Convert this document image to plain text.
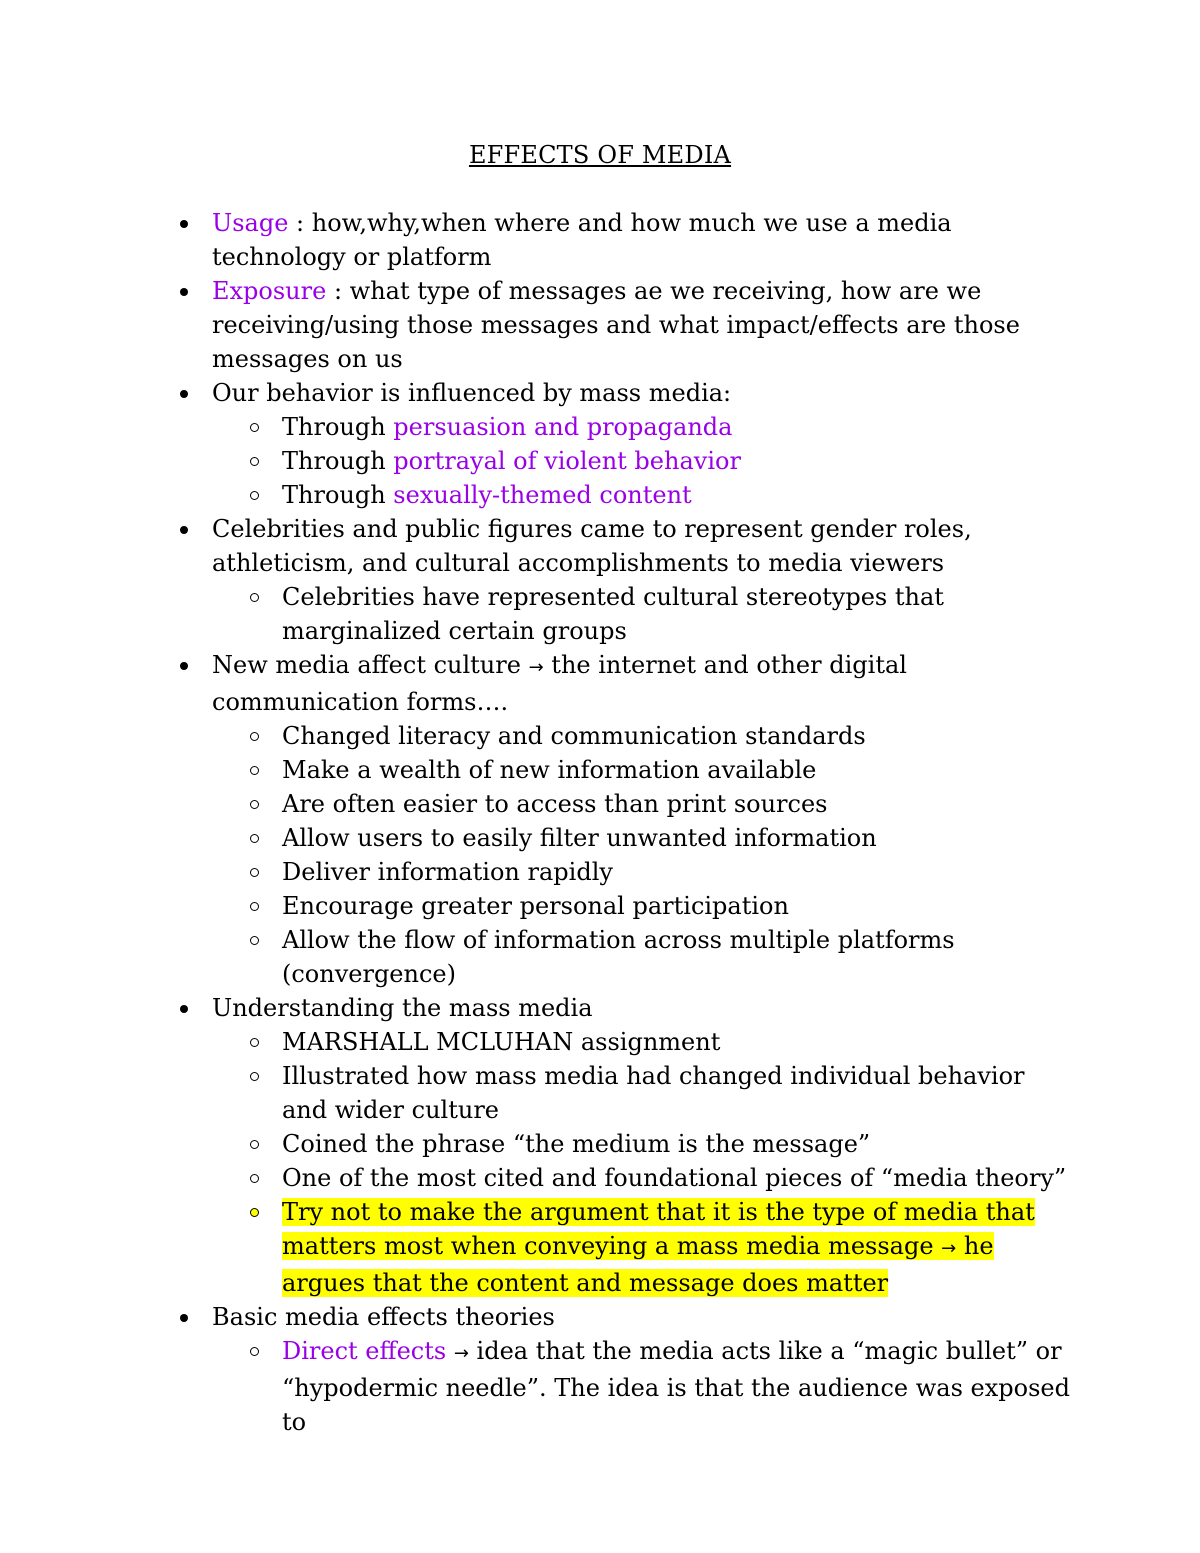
EFFECTS OF MEDIA
Usage : how,why,when where and how much we use a media technology or platform
Exposure : what type of messages ae we receiving, how are we receiving/using those messages and what impact/effects are those messages on us
Our behavior is influenced by mass media:
Through persuasion and propaganda
Through portrayal of violent behavior
Through sexually-themed content
Celebrities and public figures came to represent gender roles, athleticism, and cultural accomplishments to media viewers
Celebrities have represented cultural stereotypes that marginalized certain groups
New media affect culture → the internet and other digital communication forms….
Changed literacy and communication standards
Make a wealth of new information available
Are often easier to access than print sources
Allow users to easily filter unwanted information
Deliver information rapidly
Encourage greater personal participation
Allow the flow of information across multiple platforms (convergence)
Understanding the mass media
MARSHALL MCLUHAN assignment
Illustrated how mass media had changed individual behavior and wider culture
Coined the phrase “the medium is the message”
One of the most cited and foundational pieces of “media theory”
Try not to make the argument that it is the type of media that matters most when conveying a mass media message → he argues that the content and message does matter
Basic media effects theories
Direct effects → idea that the media acts like a “magic bullet” or “hypodermic needle”. The idea is that the audience was exposed to
